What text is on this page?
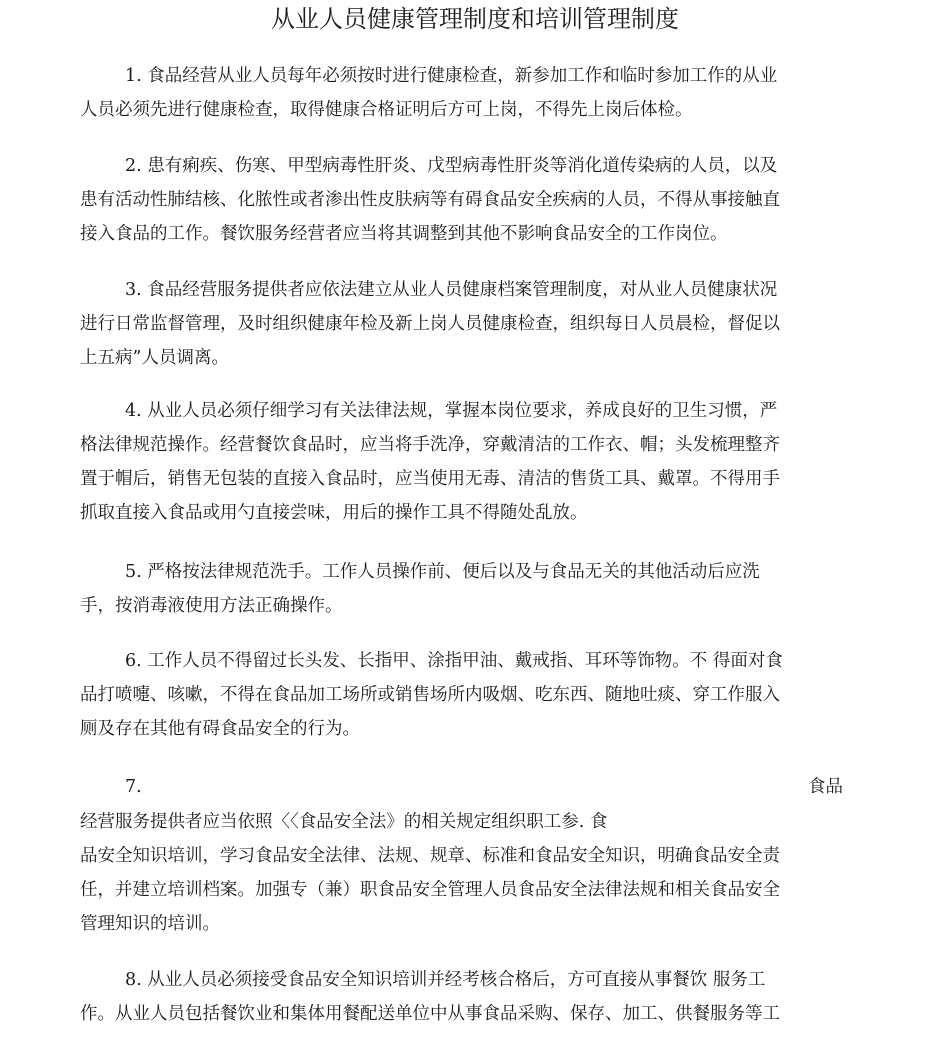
从业人员健康管理制度和培训管理制度
1. 食品经营从业人员每年必须按时进行健康检查，新参加工作和临时参加工作的从业
人员必须先进行健康检查，取得健康合格证明后方可上岗，不得先上岗后体检。
2. 患有痢疾、伤寒、甲型病毒性肝炎、戊型病毒性肝炎等消化道传染病的人员，以及
患有活动性肺结核、化脓性或者渗出性皮肤病等有碍食品安全疾病的人员，不得从事接触直
接入食品的工作。餐饮服务经营者应当将其调整到其他不影响食品安全的工作岗位。
3. 食品经营服务提供者应依法建立从业人员健康档案管理制度，对从业人员健康状况
进行日常监督管理，及时组织健康年检及新上岗人员健康检查，组织每日人员晨检，督促以
上五病”人员调离。
4. 从业人员必须仔细学习有关法律法规，掌握本岗位要求，养成良好的卫生习惯，严
格法律规范操作。经营餐饮食品时，应当将手洗净，穿戴清洁的工作衣、帽；头发梳理整齐
置于帽后，销售无包装的直接入食品时，应当使用无毒、清洁的售货工具、戴罩。不得用手
抓取直接入食品或用勺直接尝味，用后的操作工具不得随处乱放。
5. 严格按法律规范洗手。工作人员操作前、便后以及与食品无关的其他活动后应洗
手，按消毒液使用方法正确操作。
6. 工作人员不得留过长头发、长指甲、涂指甲油、戴戒指、耳环等饰物。不 得面对食
品打喷嚏、咳嗽，不得在食品加工场所或销售场所内吸烟、吃东西、随地吐痰、穿工作服入
厕及存在其他有碍食品安全的行为。
7.	食品
经营服务提供者应当依照〈〈食品安全法》的相关规定组织职工参. 食
品安全知识培训，学习食品安全法律、法规、规章、标准和食品安全知识，明确食品安全责
任，并建立培训档案。加强专（兼）职食品安全管理人员食品安全法律法规和相关食品安全
管理知识的培训。
8. 从业人员必须接受食品安全知识培训并经考核合格后，方可直接从事餐饮 服务工
作。从业人员包括餐饮业和集体用餐配送单位中从事食品采购、保存、加工、供餐服务等工
